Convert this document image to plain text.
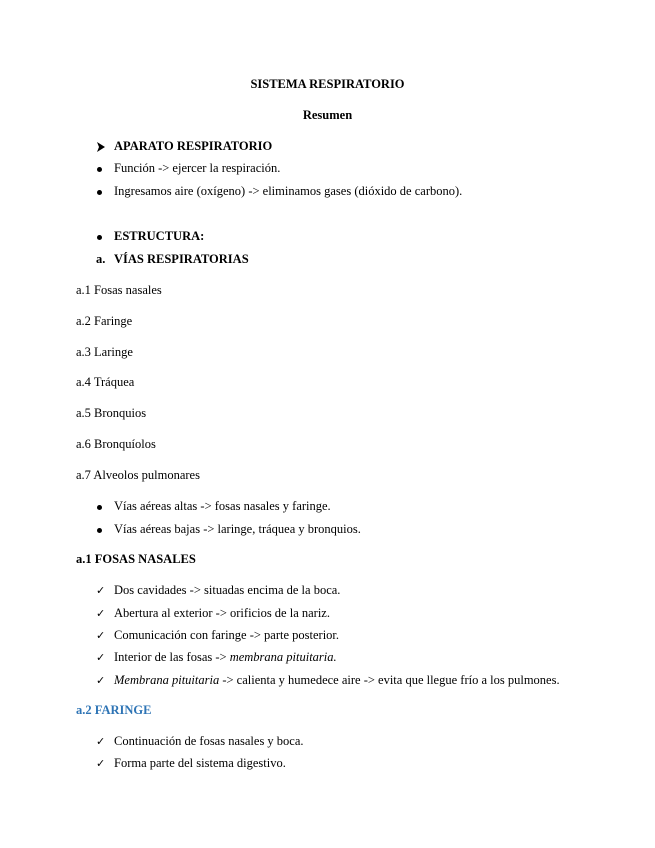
SISTEMA RESPIRATORIO
Resumen
APARATO RESPIRATORIO
Función -> ejercer la respiración.
Ingresamos aire (oxígeno) -> eliminamos gases (dióxido de carbono).
ESTRUCTURA:
a. VÍAS RESPIRATORIAS
a.1 Fosas nasales
a.2 Faringe
a.3 Laringe
a.4 Tráquea
a.5 Bronquios
a.6 Bronquíolos
a.7 Alveolos pulmonares
Vías aéreas altas -> fosas nasales y faringe.
Vías aéreas bajas -> laringe, tráquea y bronquios.
a.1 FOSAS NASALES
✓ Dos cavidades -> situadas encima de la boca.
✓ Abertura al exterior -> orificios de la nariz.
✓ Comunicación con faringe -> parte posterior.
✓ Interior de las fosas -> membrana pituitaria.
✓ Membrana pituitaria -> calienta y humedece aire -> evita que llegue frío a los pulmones.
a.2 FARINGE
✓ Continuación de fosas nasales y boca.
✓ Forma parte del sistema digestivo.
